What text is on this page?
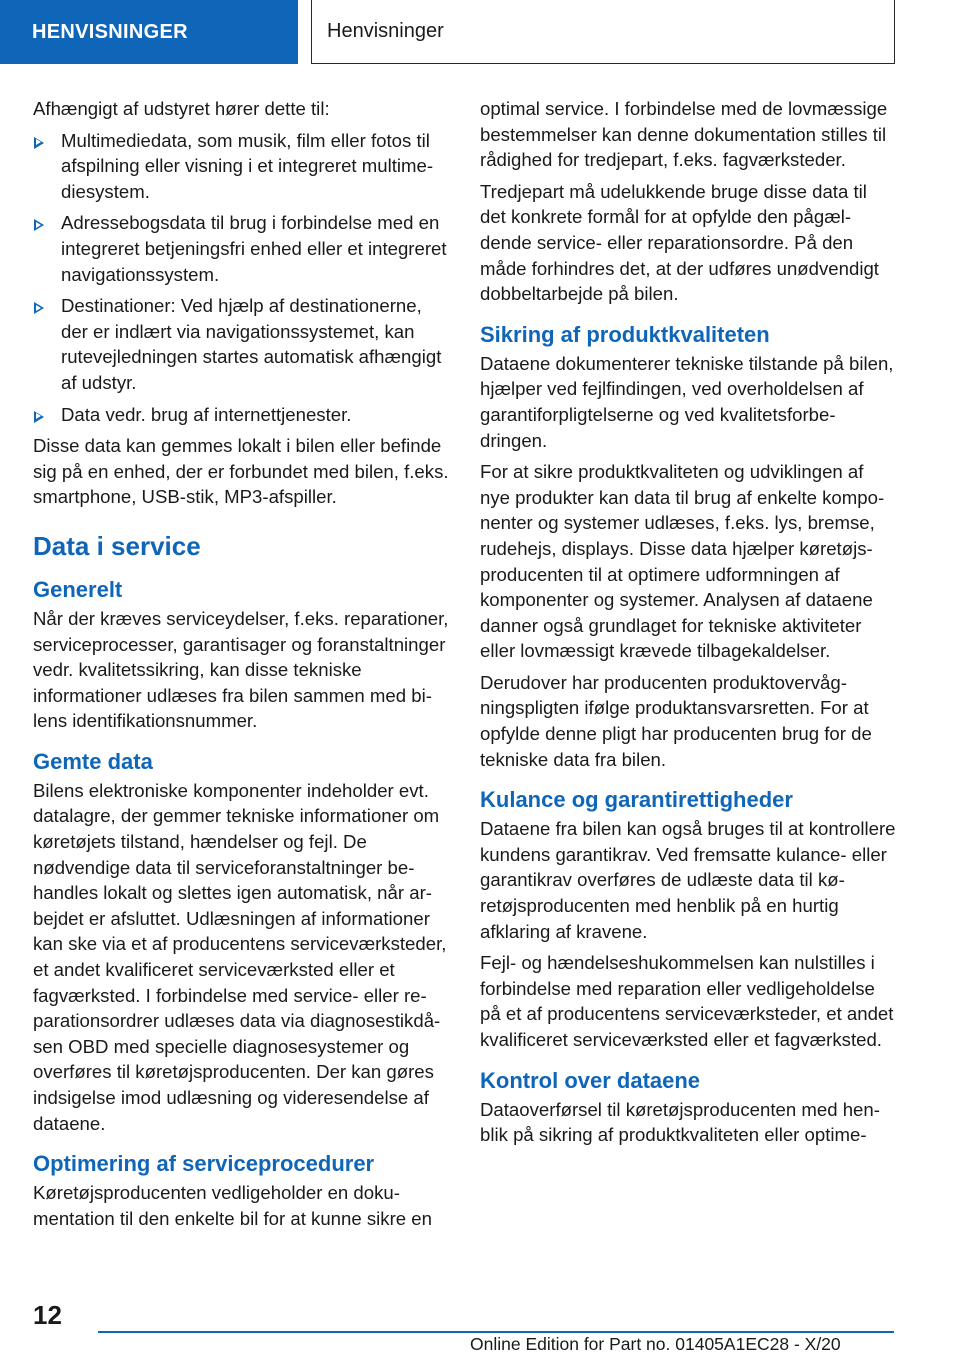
HENVISNINGER	Henvisninger

Afhængigt af udstyret hører dette til:

Multimediedata, som musik, film eller fotos til afspilning eller visning i et integreret multimediesystem.
Adressebogsdata til brug i forbindelse med en integreret betjeningsfri enhed eller et integreret navigationssystem.
Destinationer: Ved hjælp af destinationerne, der er indlært via navigationssystemet, kan rutevejledningen startes automatisk afhængigt af udstyr.
Data vedr. brug af internettjenester.

Disse data kan gemmes lokalt i bilen eller befinde sig på en enhed, der er forbundet med bilen, f.eks. smartphone, USB-stik, MP3-afspiller.

Data i service
Generelt

Når der kræves serviceydelser, f.eks. reparationer, serviceprocesser, garantisager og foranstaltninger vedr. kvalitetssikring, kan disse tekniske informationer udlæses fra bilen sammen med bilens identifikationsnummer.

Gemte data

Bilens elektroniske komponenter indeholder evt. datalagre, der gemmer tekniske informationer om køretøjets tilstand, hændelser og fejl. De nødvendige data til serviceforanstaltninger behandles lokalt og slettes igen automatisk, når arbejdet er afsluttet. Udlæsningen af informationer kan ske via et af producentens serviceværksteder, et andet kvalificeret serviceværksted eller et fagværksted. I forbindelse med service- eller reparationsordrer udlæses data via diagnosestikdåsen OBD med specielle diagnosesystemer og overføres til køretøjsproducenten. Der kan gøres indsigelse imod udlæsning og videresendelse af dataene.

Optimering af serviceprocedurer

Køretøjsproducenten vedligeholder en dokumentation til den enkelte bil for at kunne sikre en

optimal service. I forbindelse med de lovmæssige bestemmelser kan denne dokumentation stilles til rådighed for tredjepart, f.eks. fagværksteder.

Tredjepart må udelukkende bruge disse data til det konkrete formål for at opfylde den pågældende service- eller reparationsordre. På den måde forhindres det, at der udføres unødvendigt dobbeltarbejde på bilen.

Sikring af produktkvaliteten

Dataene dokumenterer tekniske tilstande på bilen, hjælper ved fejlfindingen, ved overholdelsen af garantiforpligtelserne og ved kvalitetsforbedringen.

For at sikre produktkvaliteten og udviklingen af nye produkter kan data til brug af enkelte komponenter og systemer udlæses, f.eks. lys, bremse, rudehejs, displays. Disse data hjælper køretøjsproducenten til at optimere udformningen af komponenter og systemer. Analysen af dataene danner også grundlaget for tekniske aktiviteter eller lovmæssigt krævede tilbagekaldelser.

Derudover har producenten produktovervågningspligten ifølge produktansvarsretten. For at opfylde denne pligt har producenten brug for de tekniske data fra bilen.

Kulance og garantirettigheder

Dataene fra bilen kan også bruges til at kontrollere kundens garantikrav. Ved fremsatte kulance- eller garantikrav overføres de udlæste data til køretøjsproducenten med henblik på en hurtig afklaring af kravene.

Fejl- og hændelseshukommelsen kan nulstilles i forbindelse med reparation eller vedligeholdelse på et af producentens serviceværksteder, et andet kvalificeret serviceværksted eller et fagværksted.

Kontrol over dataene

Dataoverførsel til køretøjsproducenten med henblik på sikring af produktkvaliteten eller optime-

12
Online Edition for Part no. 01405A1EC28 - X/20
